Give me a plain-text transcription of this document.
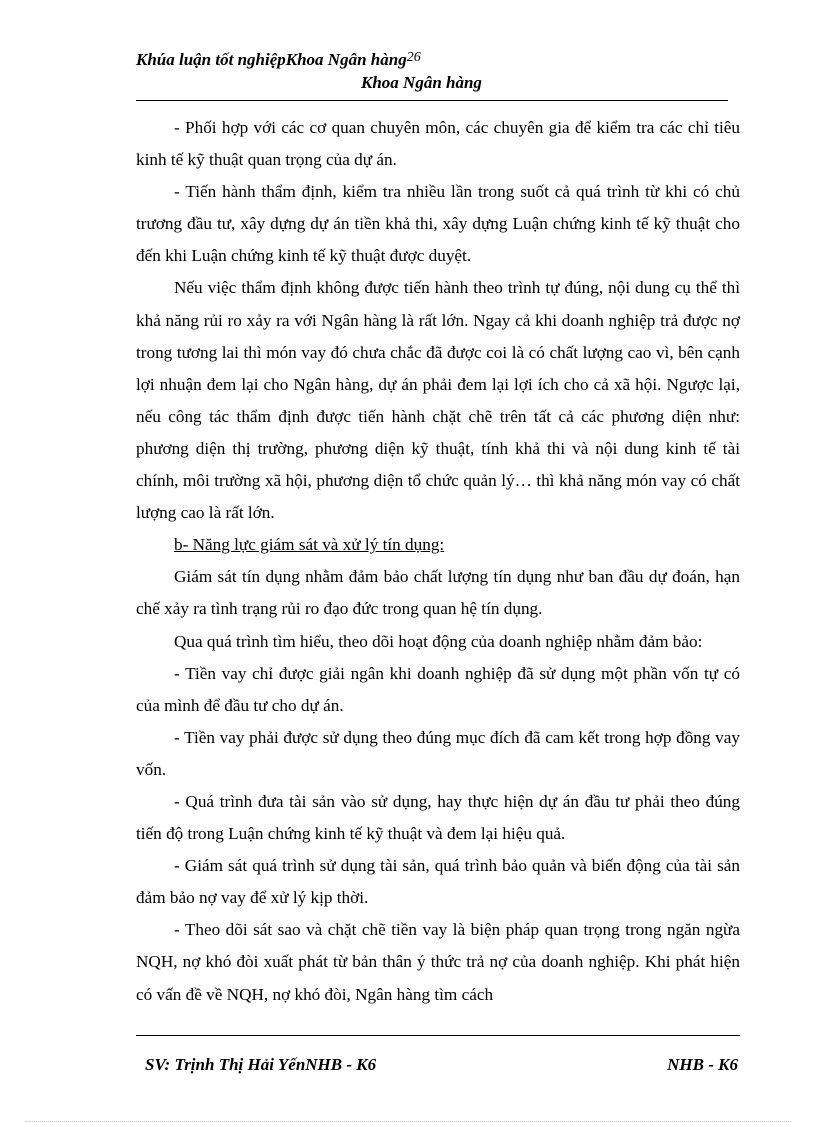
Khúa luận tốt nghiệpKhoa Ngân hàng$^{26}$
Khoa Ngân hàng

- Phối hợp với các cơ quan chuyên môn, các chuyên gia để kiểm tra các chỉ tiêu kinh tế kỹ thuật quan trọng của dự án.

- Tiến hành thẩm định, kiểm tra nhiều lần trong suốt cả quá trình từ khi có chủ trương đầu tư, xây dựng dự án tiền khả thi, xây dựng Luận chứng kinh tế kỹ thuật cho đến khi Luận chứng kinh tế kỹ thuật được duyệt.

Nếu việc thẩm định không được tiến hành theo trình tự đúng, nội dung cụ thể thì khả năng rủi ro xảy ra với Ngân hàng là rất lớn. Ngay cả khi doanh nghiệp trả được nợ trong tương lai thì món vay đó chưa chắc đã được coi là có chất lượng cao vì, bên cạnh lợi nhuận đem lại cho Ngân hàng, dự án phải đem lại lợi ích cho cả xã hội. Ngược lại, nếu công tác thẩm định được tiến hành chặt chẽ trên tất cả các phương diện như: phương diện thị trường, phương diện kỹ thuật, tính khả thi và nội dung kinh tế tài chính, môi trường xã hội, phương diện tổ chức quản lý… thì khả năng món vay có chất lượng cao là rất lớn.

b- Năng lực giám sát và xử lý tín dụng:

Giám sát tín dụng nhằm đảm bảo chất lượng tín dụng như ban đầu dự đoán, hạn chế xảy ra tình trạng rủi ro đạo đức trong quan hệ tín dụng.

Qua quá trình tìm hiểu, theo dõi hoạt động của doanh nghiệp nhằm đảm bảo:

- Tiền vay chỉ được giải ngân khi doanh nghiệp đã sử dụng một phần vốn tự có của mình để đầu tư cho dự án.

- Tiền vay phải được sử dụng theo đúng mục đích đã cam kết trong hợp đồng vay vốn.

- Quá trình đưa tài sản vào sử dụng, hay thực hiện dự án đầu tư phải theo đúng tiến độ trong Luận chứng kinh tế kỹ thuật và đem lại hiệu quả.

- Giám sát quá trình sử dụng tài sản, quá trình bảo quản và biến động của tài sản đảm bảo nợ vay để xử lý kịp thời.

- Theo dõi sát sao và chặt chẽ tiền vay là biện pháp quan trọng trong ngăn ngừa NQH, nợ khó đòi xuất phát từ bản thân ý thức trả nợ của doanh nghiệp. Khi phát hiện có vấn đề về NQH, nợ khó đòi, Ngân hàng tìm cách

SV: Trịnh Thị Hải YếnNHB - K6	NHB - K6
